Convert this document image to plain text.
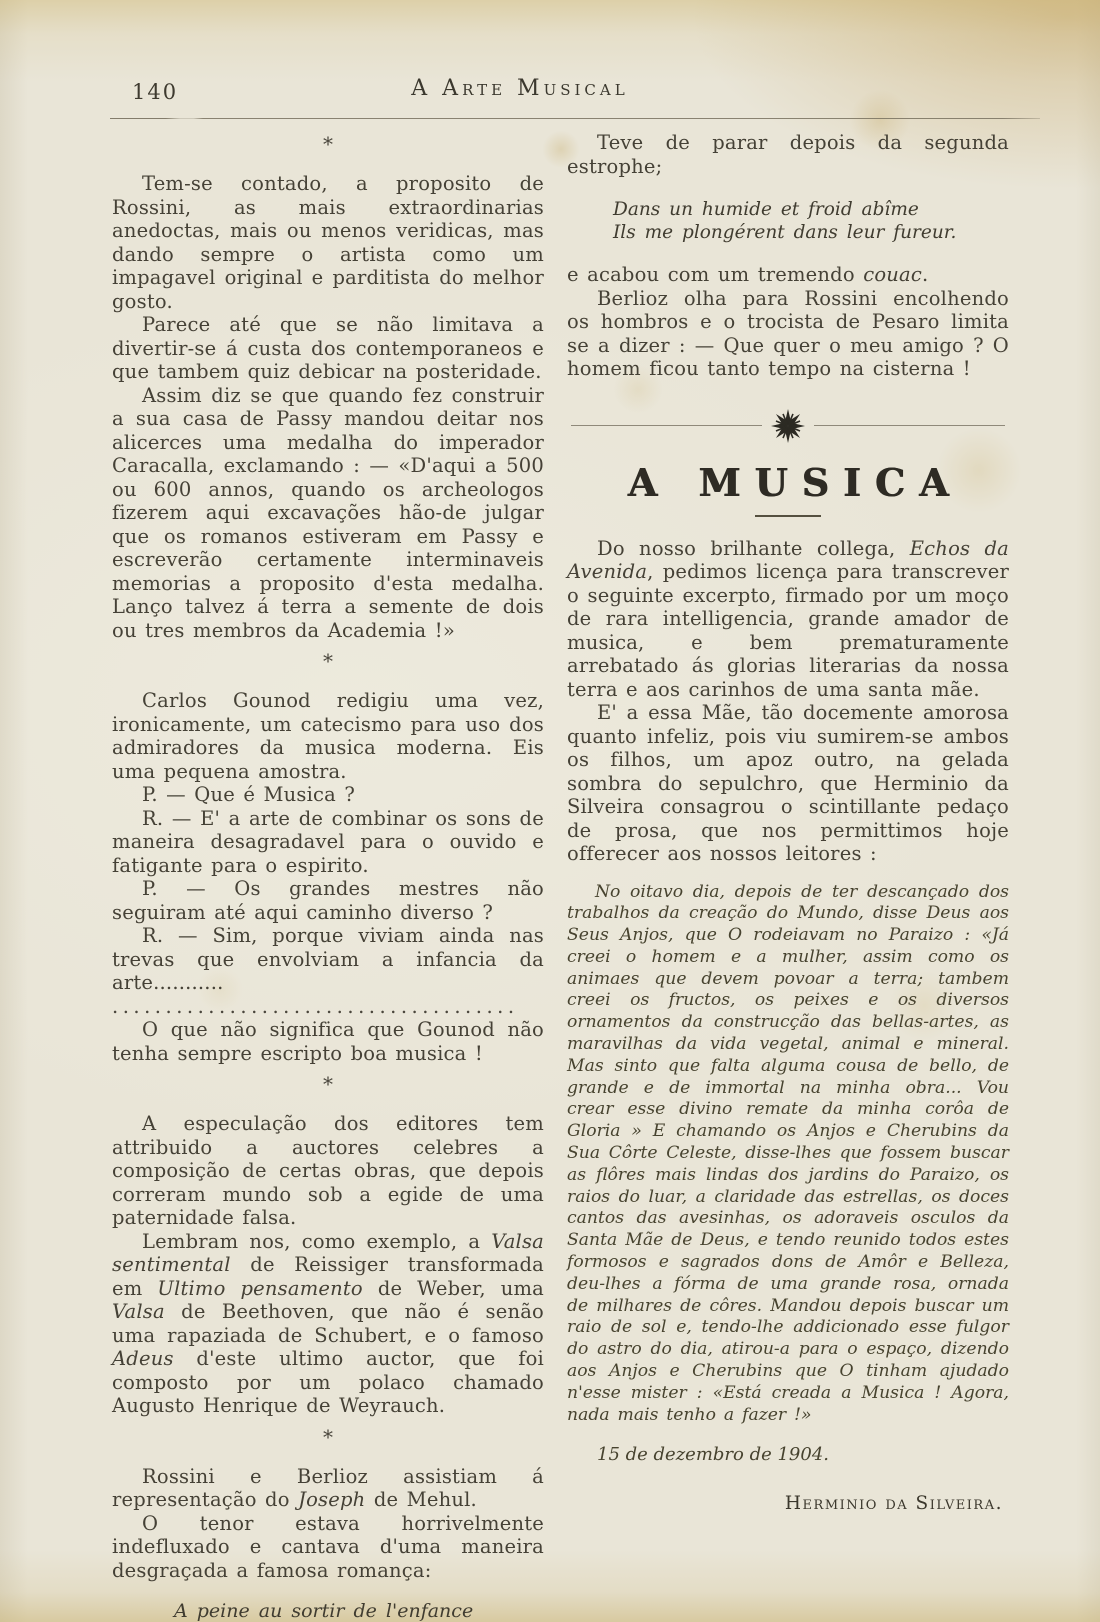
140	A Arte Musical
*

Tem-se contado, a proposito de Rossini, as mais extraordinarias anedoctas, mais ou menos veridicas, mas dando sempre o artista como um impagavel original e parditista do melhor gosto.

Parece até que se não limitava a divertir-se á custa dos contemporaneos e que tambem quiz debicar na posteridade.

Assim diz se que quando fez construir a sua casa de Passy mandou deitar nos alicerces uma medalha do imperador Caracalla, exclamando : — «D'aqui a 500 ou 600 annos, quando os archeologos fizerem aqui excavações hão-de julgar que os romanos estiveram em Passy e escreverão certamente interminaveis memorias a proposito d'esta medalha. Lanço talvez á terra a semente de dois ou tres membros da Academia !»

*

Carlos Gounod redigiu uma vez, ironicamente, um catecismo para uso dos admiradores da musica moderna. Eis uma pequena amostra.

P. — Que é Musica ?

R. — E' a arte de combinar os sons de maneira desagradavel para o ouvido e fatigante para o espirito.

P. — Os grandes mestres não seguiram até aqui caminho diverso ?

R. — Sim, porque viviam ainda nas trevas que envolviam a infancia da arte...........

......................................

O que não significa que Gounod não tenha sempre escripto boa musica !

*

A especulação dos editores tem attribuido a auctores celebres a composição de certas obras, que depois correram mundo sob a egide de uma paternidade falsa.

Lembram nos, como exemplo, a Valsa sentimental de Reissiger transformada em Ultimo pensamento de Weber, uma Valsa de Beethoven, que não é senão uma rapaziada de Schubert, e o famoso Adeus d'este ultimo auctor, que foi composto por um polaco chamado Augusto Henrique de Weyrauch.

*

Rossini e Berlioz assistiam á representação do Joseph de Mehul.

O tenor estava horrivelmente indefluxado e cantava d'uma maneira desgraçada a famosa romança:

A peine au sortir de l'enfance

Teve de parar depois da segunda estrophe;

Dans un humide et froid abîme
Ils me plongérent dans leur fureur.

e acabou com um tremendo couac.

Berlioz olha para Rossini encolhendo os hombros e o trocista de Pesaro limita se a dizer : — Que quer o meu amigo ? O homem ficou tanto tempo na cisterna !

A MUSICA

Do nosso brilhante collega, Echos da Avenida, pedimos licença para transcrever o seguinte excerpto, firmado por um moço de rara intelligencia, grande amador de musica, e bem prematuramente arrebatado ás glorias literarias da nossa terra e aos carinhos de uma santa mãe.

E' a essa Mãe, tão docemente amorosa quanto infeliz, pois viu sumirem-se ambos os filhos, um apoz outro, na gelada sombra do sepulchro, que Herminio da Silveira consagrou o scintillante pedaço de prosa, que nos permittimos hoje offerecer aos nossos leitores :

No oitavo dia, depois de ter descançado dos trabalhos da creação do Mundo, disse Deus aos Seus Anjos, que O rodeiavam no Paraizo : «Já creei o homem e a mulher, assim como os animaes que devem povoar a terra; tambem creei os fructos, os peixes e os diversos ornamentos da construcção das bellas-artes, as maravilhas da vida vegetal, animal e mineral. Mas sinto que falta alguma cousa de bello, de grande e de immortal na minha obra... Vou crear esse divino remate da minha corôa de Gloria » E chamando os Anjos e Cherubins da Sua Côrte Celeste, disse-lhes que fossem buscar as flôres mais lindas dos jardins do Paraizo, os raios do luar, a claridade das estrellas, os doces cantos das avesinhas, os adoraveis osculos da Santa Mãe de Deus, e tendo reunido todos estes formosos e sagrados dons de Amôr e Belleza, deu-lhes a fórma de uma grande rosa, ornada de milhares de côres. Mandou depois buscar um raio de sol e, tendo-lhe addicionado esse fulgor do astro do dia, atirou-a para o espaço, dizendo aos Anjos e Cherubins que O tinham ajudado n'esse mister : «Está creada a Musica ! Agora, nada mais tenho a fazer !»

15 de dezembro de 1904.
Herminio da Silveira.
